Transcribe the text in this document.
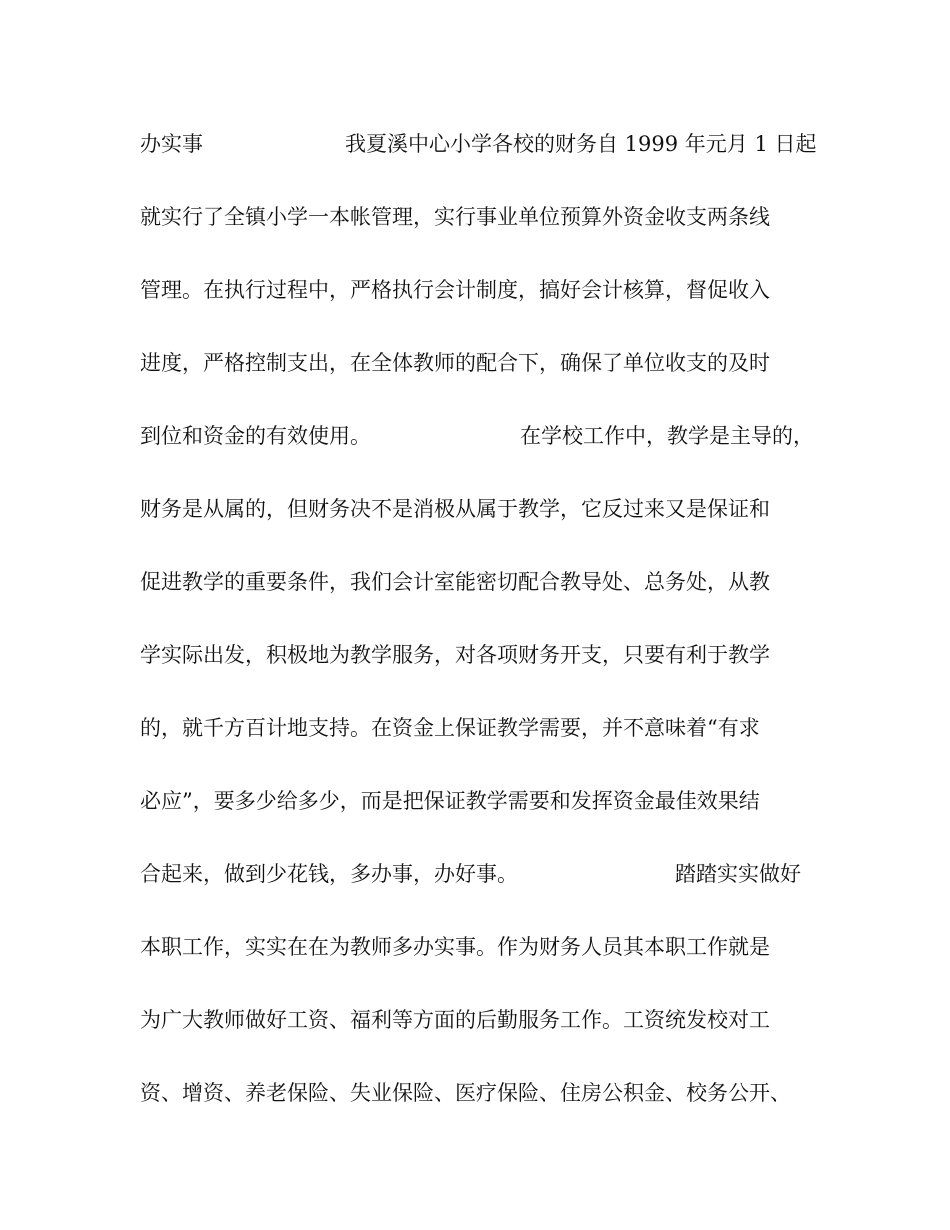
办实事	我夏溪中心小学各校的财务自 1999 年元月 1 日起
就实行了全镇小学一本帐管理，实行事业单位预算外资金收支两条线
管理。在执行过程中，严格执行会计制度，搞好会计核算，督促收入
进度，严格控制支出，在全体教师的配合下，确保了单位收支的及时
到位和资金的有效使用。	在学校工作中，教学是主导的，
财务是从属的，但财务决不是消极从属于教学，它反过来又是保证和
促进教学的重要条件，我们会计室能密切配合教导处、总务处，从教
学实际出发，积极地为教学服务，对各项财务开支，只要有利于教学
的，就千方百计地支持。在资金上保证教学需要，并不意味着“有求
必应”，要多少给多少，而是把保证教学需要和发挥资金最佳效果结
合起来，做到少花钱，多办事，办好事。	踏踏实实做好
本职工作，实实在在为教师多办实事。作为财务人员其本职工作就是
为广大教师做好工资、福利等方面的后勤服务工作。工资统发校对工
资、增资、养老保险、失业保险、医疗保险、住房公积金、校务公开、
